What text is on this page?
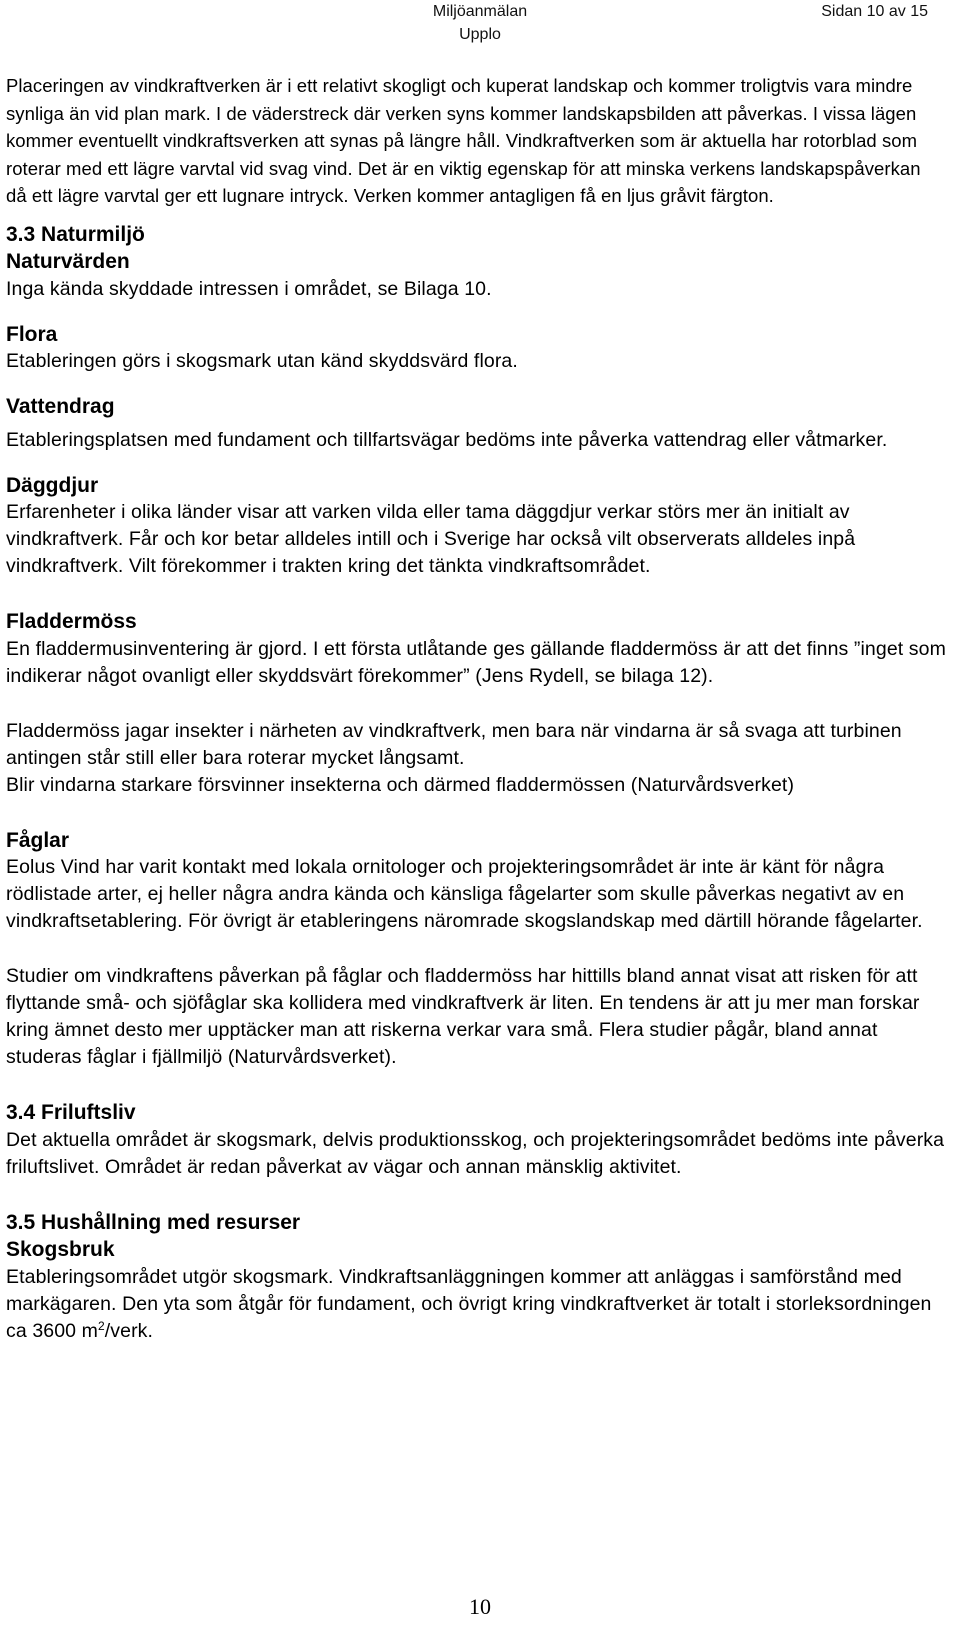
Miljöanmälan
Upplo
Sidan 10 av 15

Placeringen av vindkraftverken är i ett relativt skogligt och kuperat landskap och kommer troligtvis vara mindre synliga än vid plan mark. I de väderstreck där verken syns kommer landskapsbilden att påverkas. I vissa lägen kommer eventuellt vindkraftsverken att synas på längre håll. Vindkraftverken som är aktuella har rotorblad som roterar med ett lägre varvtal vid svag vind. Det är en viktig egenskap för att minska verkens landskapspåverkan då ett lägre varvtal ger ett lugnare intryck. Verken kommer antagligen få en ljus gråvit färgton.

3.3 Naturmiljö
Naturvärden

Inga kända skyddade intressen i området, se Bilaga 10.

Flora

Etableringen görs i skogsmark utan känd skyddsvärd flora.

Vattendrag

Etableringsplatsen med fundament och tillfartsvägar bedöms inte påverka vattendrag eller våtmarker.

Däggdjur

Erfarenheter i olika länder visar att varken vilda eller tama däggdjur verkar störs mer än initialt av vindkraftverk. Får och kor betar alldeles intill och i Sverige har också vilt observerats alldeles inpå vindkraftverk. Vilt förekommer i trakten kring det tänkta vindkraftsområdet.

Fladdermöss

En fladdermusinventering är gjord. I ett första utlåtande ges gällande fladdermöss är att det finns ”inget som indikerar något ovanligt eller skyddsvärt förekommer” (Jens Rydell, se bilaga 12).

Fladdermöss jagar insekter i närheten av vindkraftverk, men bara när vindarna är så svaga att turbinen antingen står still eller bara roterar mycket långsamt.

Blir vindarna starkare försvinner insekterna och därmed fladdermössen (Naturvårdsverket)

Fåglar

Eolus Vind har varit kontakt med lokala ornitologer och projekteringsområdet är inte är känt för några rödlistade arter, ej heller några andra kända och känsliga fågelarter som skulle påverkas negativt av en vindkraftsetablering. För övrigt är etableringens näromrade skogslandskap med därtill hörande fågelarter.

Studier om vindkraftens påverkan på fåglar och fladdermöss har hittills bland annat visat att risken för att flyttande små- och sjöfåglar ska kollidera med vindkraftverk är liten. En tendens är att ju mer man forskar kring ämnet desto mer upptäcker man att riskerna verkar vara små. Flera studier pågår, bland annat studeras fåglar i fjällmiljö (Naturvårdsverket).

3.4 Friluftsliv

Det aktuella området är skogsmark, delvis produktionsskog, och projekteringsområdet bedöms inte påverka friluftslivet. Området är redan påverkat av vägar och annan mänsklig aktivitet.

3.5 Hushållning med resurser
Skogsbruk

Etableringsområdet utgör skogsmark. Vindkraftsanläggningen kommer att anläggas i samförstånd med markägaren. Den yta som åtgår för fundament, och övrigt kring vindkraftverket är totalt i storleksordningen ca 3600 $m^2$/verk.

10
